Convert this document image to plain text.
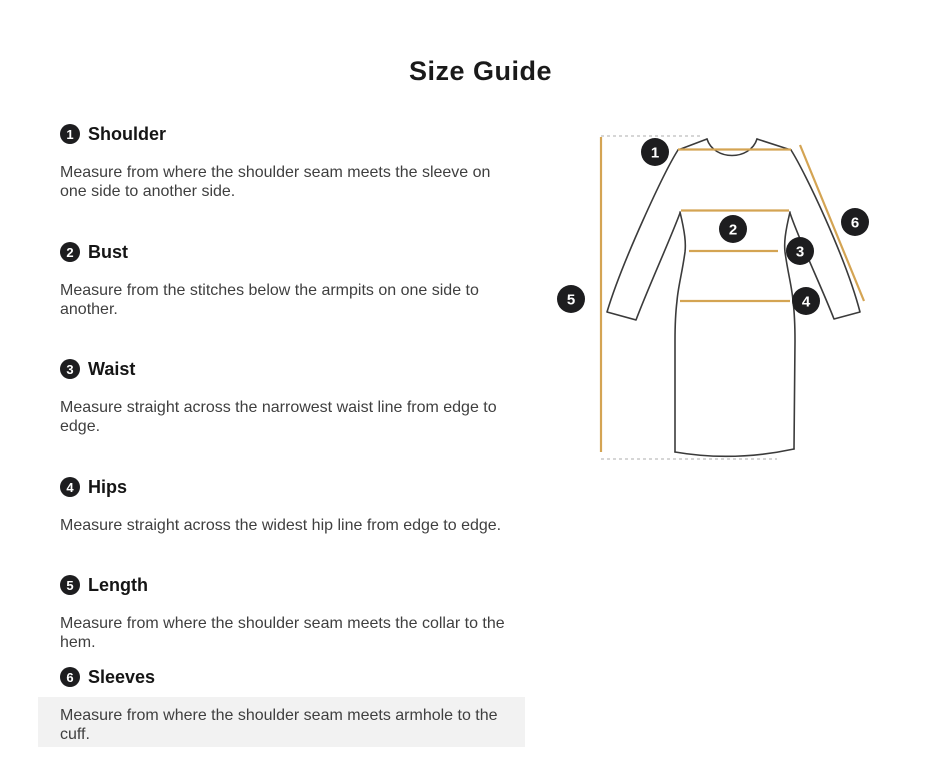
Size Guide
1 Shoulder

Measure from where the shoulder seam meets the sleeve on one side to another side.

2 Bust

Measure from the stitches below the armpits on one side to another.

3 Waist

Measure straight across the narrowest waist line from edge to edge.

4 Hips

Measure straight across the widest hip line from edge to edge.

5 Length

Measure from where the shoulder seam meets the collar to the hem.

6 Sleeves

Measure from where the shoulder seam meets armhole to the cuff.

1
2
3
4
5
6
